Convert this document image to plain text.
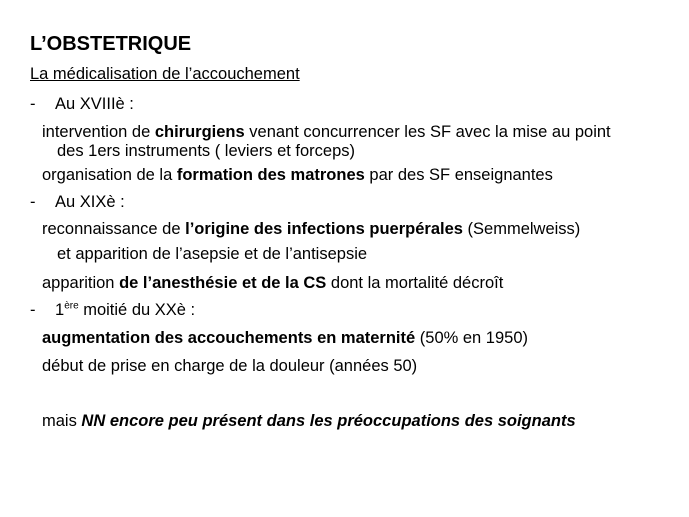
L’OBSTETRIQUE
La médicalisation de l’accouchement
- Au XVIIIè :
intervention de chirurgiens venant concurrencer les SF avec la mise au point
des 1ers instruments ( leviers et forceps)
organisation de la formation des matrones par des SF enseignantes
- Au XIXè :
reconnaissance de l’origine des infections puerpérales (Semmelweiss)
et apparition de l’asepsie et de l’antisepsie
apparition de l’anesthésie et de la CS dont la mortalité décroît
- 1ère moitié du XXè :
augmentation des accouchements en maternité (50% en 1950)
début de prise en charge de la douleur (années 50)
mais NN encore peu présent dans les préoccupations des soignants
